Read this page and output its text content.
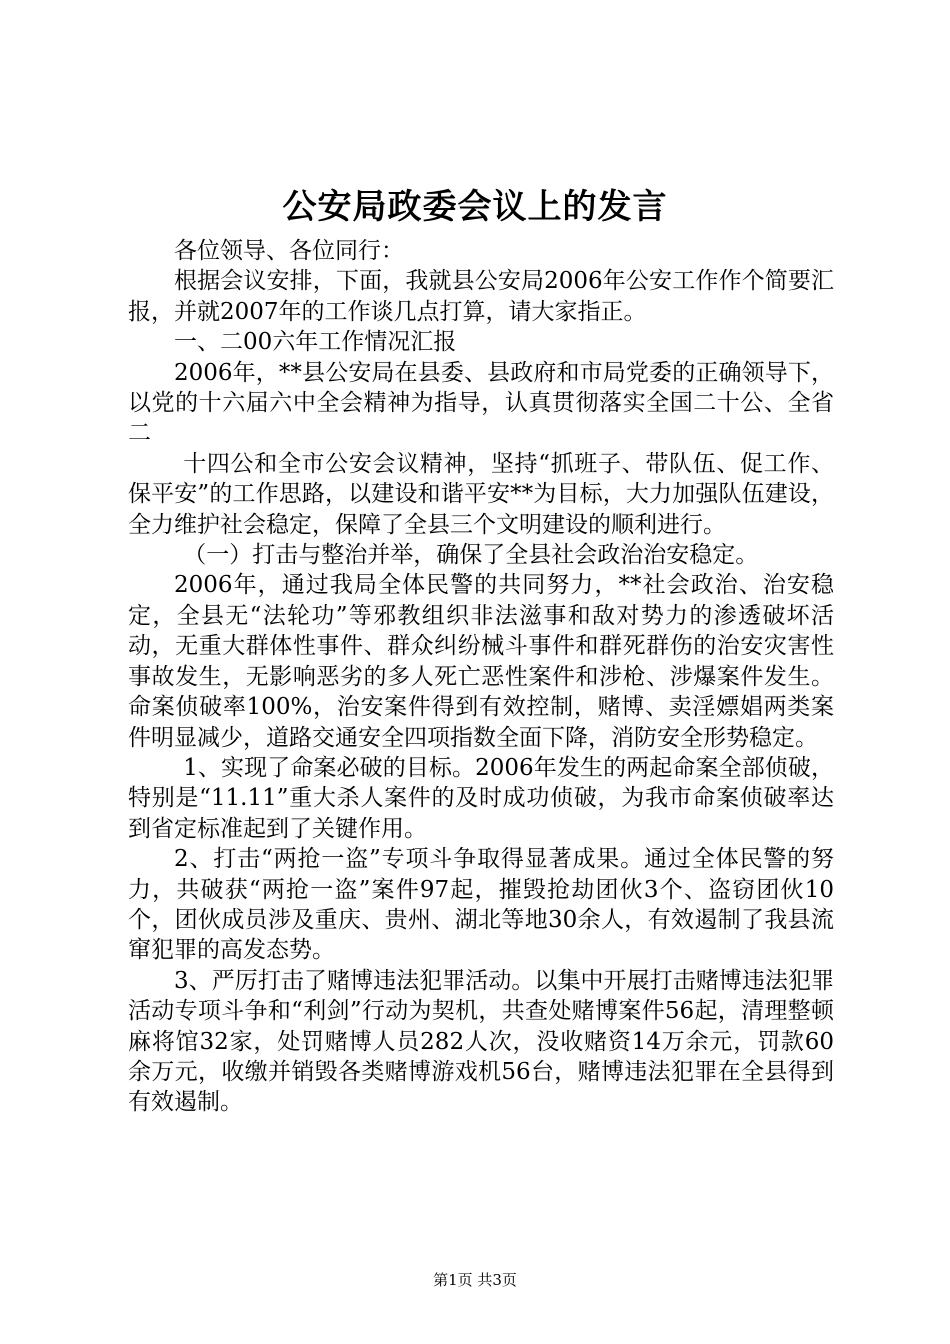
公安局政委会议上的发言

各位领导、各位同行：

根据会议安排，下面，我就县公安局2006年公安工作作个简要汇报，并就2007年的工作谈几点打算，请大家指正。

一、二00六年工作情况汇报

2006年，**县公安局在县委、县政府和市局党委的正确领导下，以党的十六届六中全会精神为指导，认真贯彻落实全国二十公、全省二

十四公和全市公安会议精神，坚持“抓班子、带队伍、促工作、保平安”的工作思路，以建设和谐平安**为目标，大力加强队伍建设，全力维护社会稳定，保障了全县三个文明建设的顺利进行。

（一）打击与整治并举，确保了全县社会政治治安稳定。

2006年，通过我局全体民警的共同努力，**社会政治、治安稳定，全县无“法轮功”等邪教组织非法滋事和敌对势力的渗透破坏活动，无重大群体性事件、群众纠纷械斗事件和群死群伤的治安灾害性事故发生，无影响恶劣的多人死亡恶性案件和涉枪、涉爆案件发生。命案侦破率100%，治安案件得到有效控制，赌博、卖淫嫖娼两类案件明显减少，道路交通安全四项指数全面下降，消防安全形势稳定。

1、实现了命案必破的目标。2006年发生的两起命案全部侦破，特别是“11.11”重大杀人案件的及时成功侦破，为我市命案侦破率达到省定标准起到了关键作用。

2、打击“两抢一盗”专项斗争取得显著成果。通过全体民警的努力，共破获“两抢一盗”案件97起，摧毁抢劫团伙3个、盗窃团伙10个，团伙成员涉及重庆、贵州、湖北等地30余人，有效遏制了我县流窜犯罪的高发态势。

3、严厉打击了赌博违法犯罪活动。以集中开展打击赌博违法犯罪活动专项斗争和“利剑”行动为契机，共查处赌博案件56起，清理整顿麻将馆32家，处罚赌博人员282人次，没收赌资14万余元，罚款60余万元，收缴并销毁各类赌博游戏机56台，赌博违法犯罪在全县得到有效遏制。

第1页 共3页
